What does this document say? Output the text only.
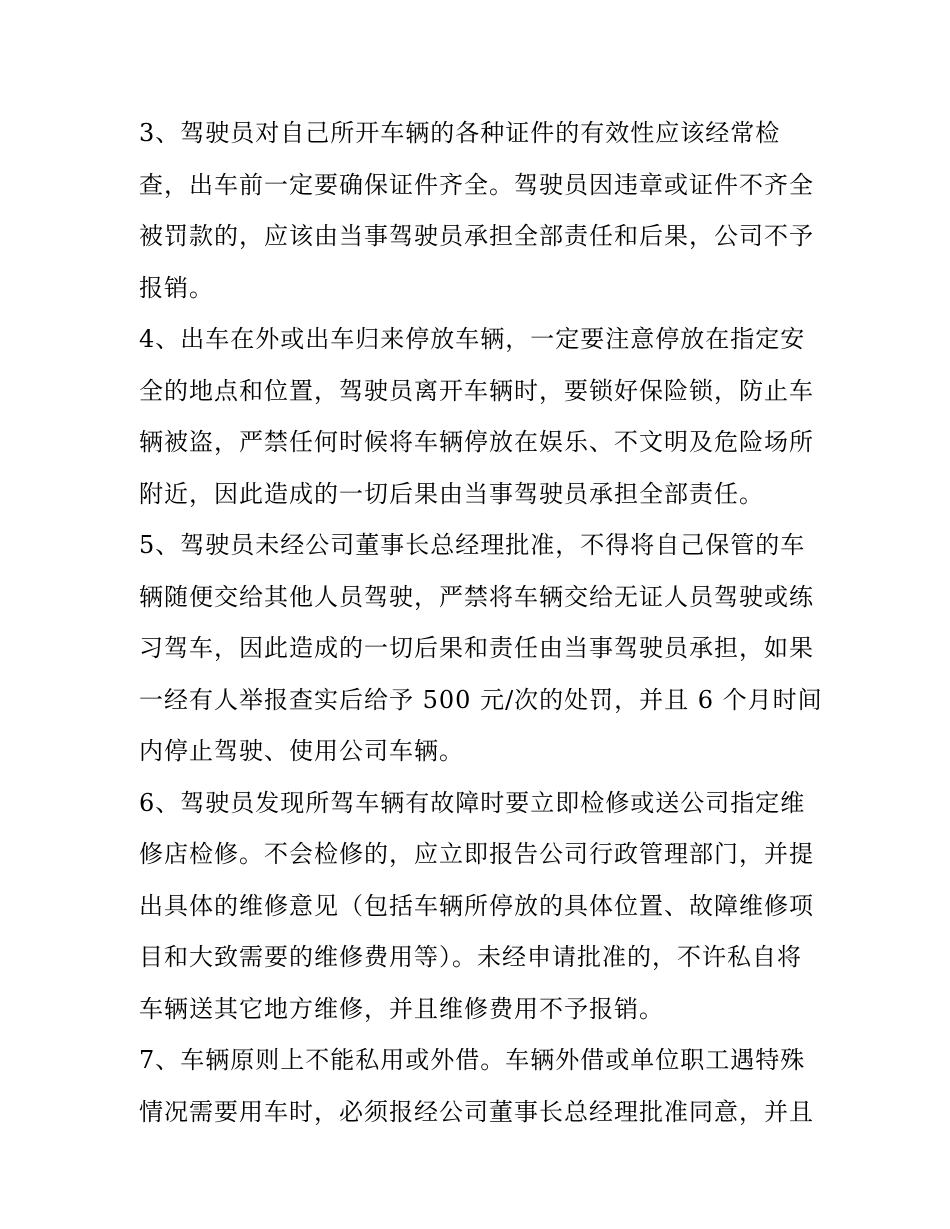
3、驾驶员对自己所开车辆的各种证件的有效性应该经常检
查，出车前一定要确保证件齐全。驾驶员因违章或证件不齐全
被罚款的，应该由当事驾驶员承担全部责任和后果，公司不予
报销。
4、出车在外或出车归来停放车辆，一定要注意停放在指定安
全的地点和位置，驾驶员离开车辆时，要锁好保险锁，防止车
辆被盗，严禁任何时候将车辆停放在娱乐、不文明及危险场所
附近，因此造成的一切后果由当事驾驶员承担全部责任。
5、驾驶员未经公司董事长总经理批准，不得将自己保管的车
辆随便交给其他人员驾驶，严禁将车辆交给无证人员驾驶或练
习驾车，因此造成的一切后果和责任由当事驾驶员承担，如果
一经有人举报查实后给予 500 元/次的处罚，并且 6 个月时间
内停止驾驶、使用公司车辆。
6、驾驶员发现所驾车辆有故障时要立即检修或送公司指定维
修店检修。不会检修的，应立即报告公司行政管理部门，并提
出具体的维修意见（包括车辆所停放的具体位置、故障维修项
目和大致需要的维修费用等）。未经申请批准的，不许私自将
车辆送其它地方维修，并且维修费用不予报销。
7、车辆原则上不能私用或外借。车辆外借或单位职工遇特殊
情况需要用车时，必须报经公司董事长总经理批准同意，并且
